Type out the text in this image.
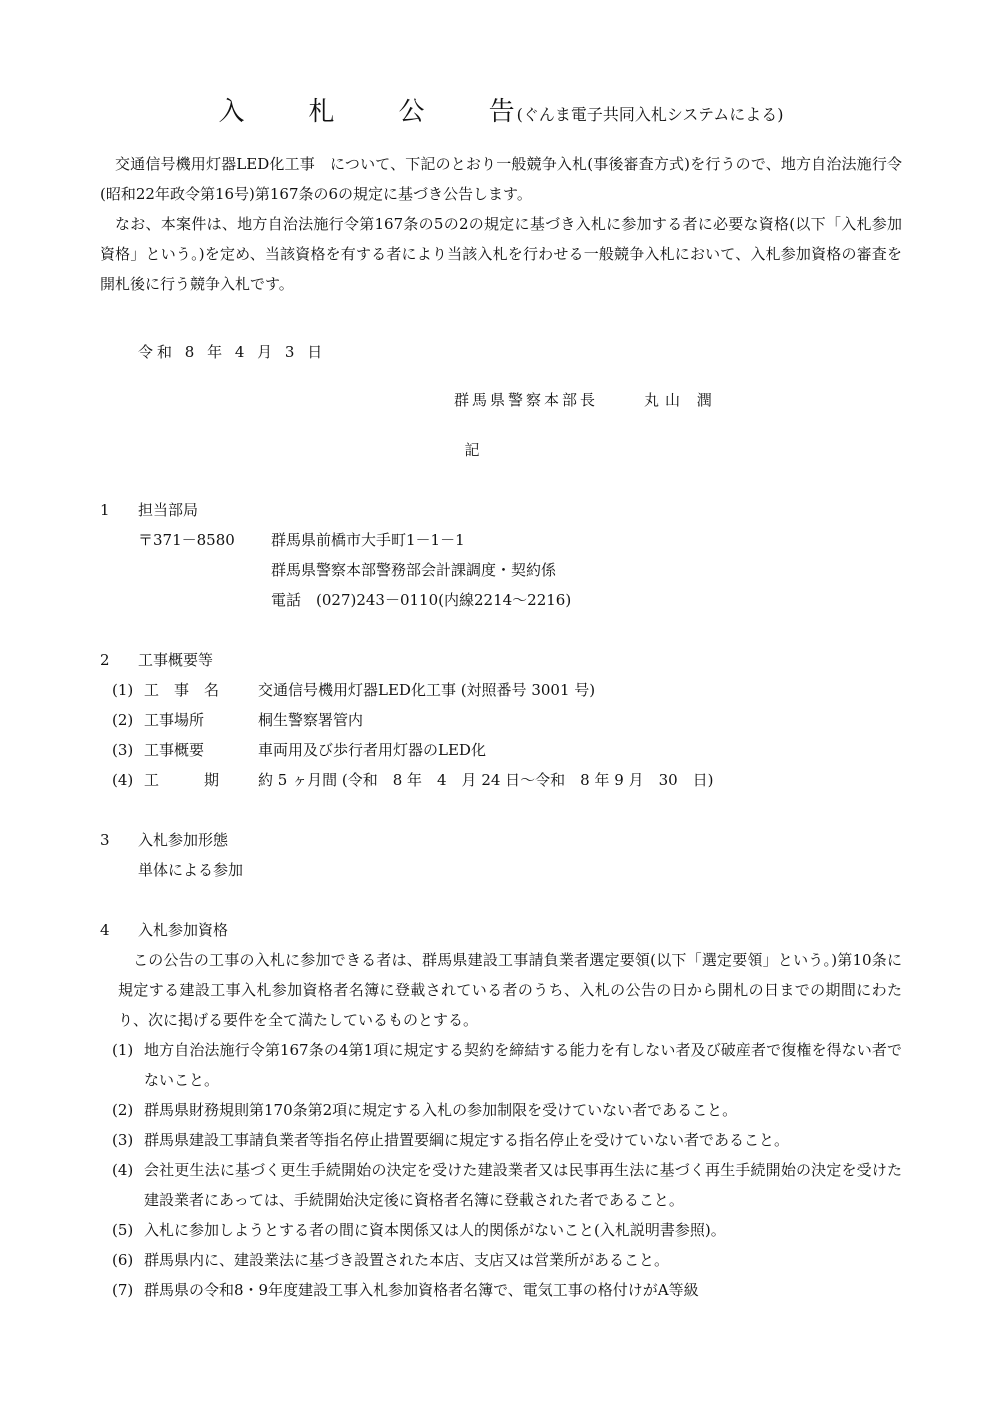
入 札 公 告(ぐんま電子共同入札システムによる)

交通信号機用灯器LED化工事　について、下記のとおり一般競争入札(事後審査方式)を行うので、地方自治法施行令(昭和22年政令第16号)第167条の6の規定に基づき公告します。

なお、本案件は、地方自治法施行令第167条の5の2の規定に基づき入札に参加する者に必要な資格(以下「入札参加資格」という。)を定め、当該資格を有する者により当該入札を行わせる一般競争入札において、入札参加資格の審査を開札後に行う競争入札です。

令和 8 年 4 月 3 日

群馬県警察本部長	丸山 潤

記

1 担当部局

〒371－8580 群馬県前橋市大手町1－1－1

群馬県警察本部警務部会計課調度・契約係

電話　(027)243－0110(内線2214～2216)

2 工事概要等

(1) 工　事　名	交通信号機用灯器LED化工事 (対照番号 3001 号)
(2) 工事場所	桐生警察署管内
(3) 工事概要	車両用及び歩行者用灯器のLED化
(4) 工　　　期	約 5 ヶ月間 (令和　8 年　4　月 24 日～令和　8 年 9 月　30　日)

3 入札参加形態

単体による参加

4 入札参加資格

この公告の工事の入札に参加できる者は、群馬県建設工事請負業者選定要領(以下「選定要領」という。)第10条に規定する建設工事入札参加資格者名簿に登載されている者のうち、入札の公告の日から開札の日までの期間にわたり、次に掲げる要件を全て満たしているものとする。

(1) 地方自治法施行令第167条の4第1項に規定する契約を締結する能力を有しない者及び破産者で復権を得ない者でないこと。
(2) 群馬県財務規則第170条第2項に規定する入札の参加制限を受けていない者であること。
(3) 群馬県建設工事請負業者等指名停止措置要綱に規定する指名停止を受けていない者であること。
(4) 会社更生法に基づく更生手続開始の決定を受けた建設業者又は民事再生法に基づく再生手続開始の決定を受けた建設業者にあっては、手続開始決定後に資格者名簿に登載された者であること。
(5) 入札に参加しようとする者の間に資本関係又は人的関係がないこと(入札説明書参照)。
(6) 群馬県内に、建設業法に基づき設置された本店、支店又は営業所があること。
(7) 群馬県の令和8・9年度建設工事入札参加資格者名簿で、電気工事の格付けがA等級
